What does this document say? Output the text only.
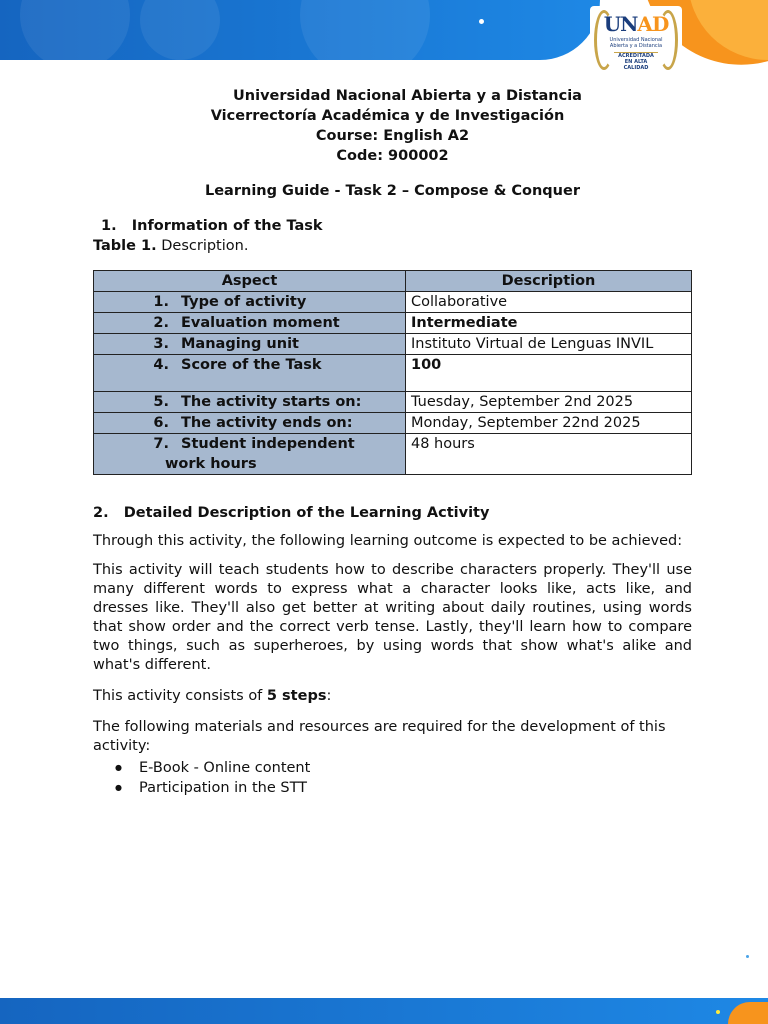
UNAD
Universidad Nacional
Abierta y a Distancia
ACREDITADA
EN ALTA CALIDAD
Universidad Nacional Abierta y a Distancia
Vicerrectoría Académica y de Investigación
Course: English A2
Code: 900002
Learning Guide - Task 2 – Compose & Conquer
1. Information of the Task
Table 1. Description.
Aspect	Description
1. Type of activity	Collaborative
2. Evaluation moment	Intermediate
3. Managing unit	Instituto Virtual de Lenguas INVIL
4. Score of the Task	100
5. The activity starts on:	Tuesday, September 2nd 2025
6. The activity ends on:	Monday, September 22nd 2025
7. Student independent
work hours	48 hours
2. Detailed Description of the Learning Activity

Through this activity, the following learning outcome is expected to be achieved:

This activity will teach students how to describe characters properly. They'll use many different words to express what a character looks like, acts like, and dresses like. They'll also get better at writing about daily routines, using words that show order and the correct verb tense. Lastly, they'll learn how to compare two things, such as superheroes, by using words that show what's alike and what's different.

This activity consists of 5 steps:

The following materials and resources are required for the development of this activity:

● E-Book - Online content
● Participation in the STT
